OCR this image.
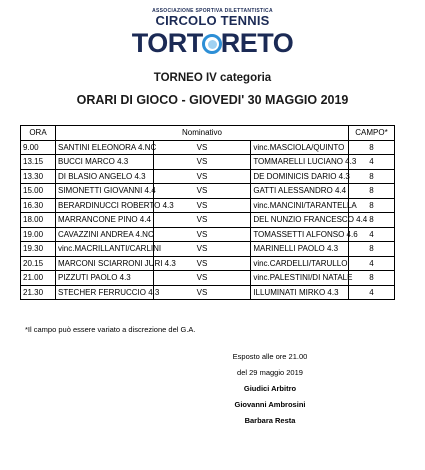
ASSOCIAZIONE SPORTIVA DILETTANTISTICA
CIRCOLO TENNIS
TORT RETO
TORNEO IV categoria
ORARI DI GIOCO - GIOVEDI' 30 MAGGIO 2019
ORA	Nominativo			CAMPO*
9.00	SANTINI ELEONORA 4.NC	VS	vinc.MASCIOLA/QUINTO	8
13.15	BUCCI MARCO 4.3	VS	TOMMARELLI LUCIANO 4.3	4
13.30	DI BLASIO ANGELO 4.3	VS	DE DOMINICIS DARIO 4.3	8
15.00	SIMONETTI GIOVANNI 4.4	VS	GATTI ALESSANDRO 4.4	8
16.30	BERARDINUCCI ROBERTO 4.3	VS	vinc.MANCINI/TARANTELLA	8
18.00	MARRANCONE PINO 4.4	VS	DEL NUNZIO FRANCESCO 4.4	8
19.00	CAVAZZINI ANDREA 4.NC	VS	TOMASSETTI ALFONSO 4.6	4
19.30	vinc.MACRILLANTI/CARLINI	VS	MARINELLI PAOLO 4.3	8
20.15	MARCONI SCIARRONI JURI 4.3	VS	vinc.CARDELLI/TARULLO	4
21.00	PIZZUTI PAOLO 4.3	VS	vinc.PALESTINI/DI NATALE	8
21.30	STECHER FERRUCCIO 4.3	VS	ILLUMINATI MIRKO 4.3	4
*Il campo può essere variato a discrezione del G.A.
Esposto alle ore 21.00
del 29 maggio 2019
Giudici Arbitro
Giovanni Ambrosini
Barbara Resta
